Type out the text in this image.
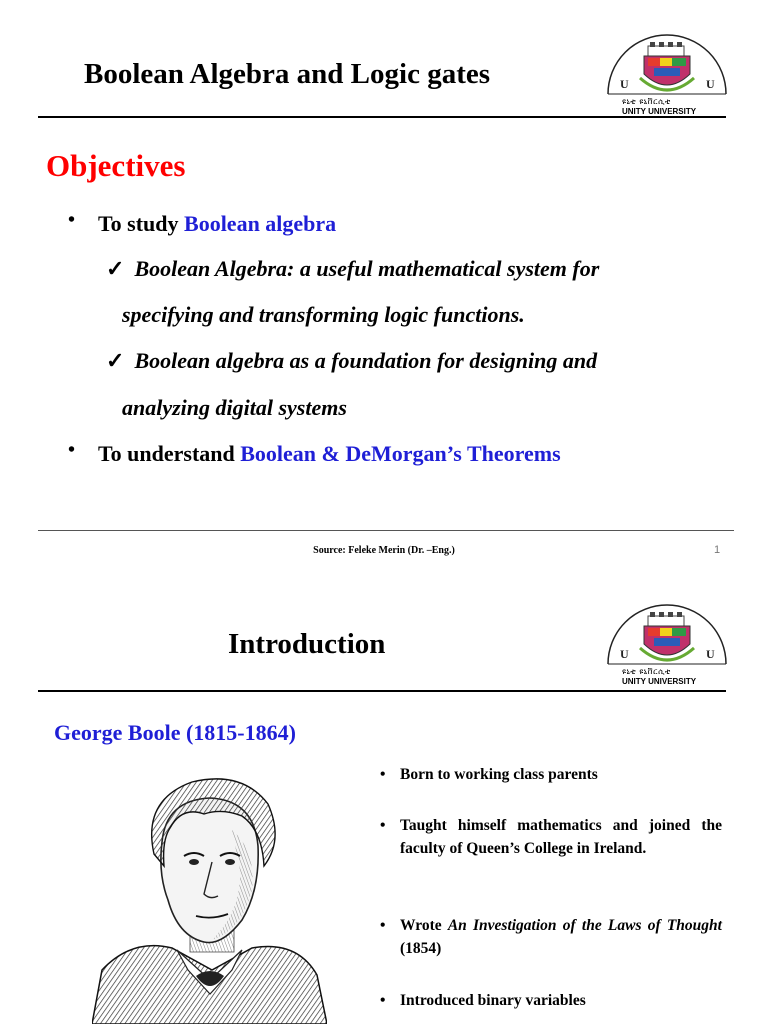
Boolean Algebra and Logic gates	U	U
ዩኒቲ ዩኒቨርሲቲ
UNITY UNIVERSITY
Objectives
• To study Boolean algebra
✓ Boolean Algebra: a useful mathematical system for
specifying and transforming logic functions.
✓ Boolean algebra as a foundation for designing and
analyzing digital systems
• To understand Boolean & DeMorgan’s Theorems
Source: Feleke Merin (Dr. –Eng.)	1
Introduction	U	U
ዩኒቲ ዩኒቨርሲቲ
UNITY UNIVERSITY
George Boole (1815-1864)
• Born to working class parents
• Taught himself mathematics and joined the faculty of Queen’s College in Ireland.
• Wrote An Investigation of the Laws of Thought (1854)
• Introduced binary variables
